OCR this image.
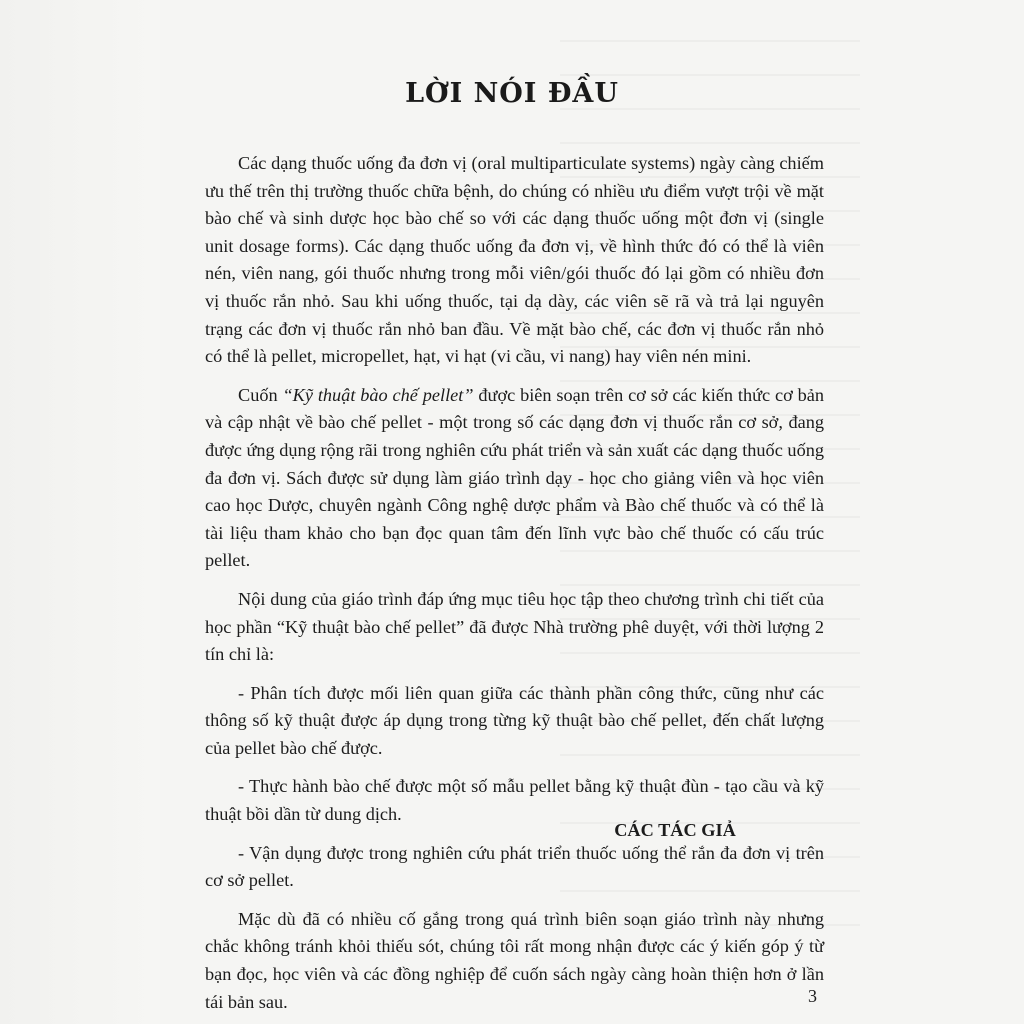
LỜI NÓI ĐẦU

Các dạng thuốc uống đa đơn vị (oral multiparticulate systems) ngày càng chiếm ưu thế trên thị trường thuốc chữa bệnh, do chúng có nhiều ưu điểm vượt trội về mặt bào chế và sinh dược học bào chế so với các dạng thuốc uống một đơn vị (single unit dosage forms). Các dạng thuốc uống đa đơn vị, về hình thức đó có thể là viên nén, viên nang, gói thuốc nhưng trong mỗi viên/gói thuốc đó lại gồm có nhiều đơn vị thuốc rắn nhỏ. Sau khi uống thuốc, tại dạ dày, các viên sẽ rã và trả lại nguyên trạng các đơn vị thuốc rắn nhỏ ban đầu. Về mặt bào chế, các đơn vị thuốc rắn nhỏ có thể là pellet, micropellet, hạt, vi hạt (vi cầu, vi nang) hay viên nén mini.

Cuốn “Kỹ thuật bào chế pellet” được biên soạn trên cơ sở các kiến thức cơ bản và cập nhật về bào chế pellet - một trong số các dạng đơn vị thuốc rắn cơ sở, đang được ứng dụng rộng rãi trong nghiên cứu phát triển và sản xuất các dạng thuốc uống đa đơn vị. Sách được sử dụng làm giáo trình dạy - học cho giảng viên và học viên cao học Dược, chuyên ngành Công nghệ dược phẩm và Bào chế thuốc và có thể là tài liệu tham khảo cho bạn đọc quan tâm đến lĩnh vực bào chế thuốc có cấu trúc pellet.

Nội dung của giáo trình đáp ứng mục tiêu học tập theo chương trình chi tiết của học phần “Kỹ thuật bào chế pellet” đã được Nhà trường phê duyệt, với thời lượng 2 tín chỉ là:

- Phân tích được mối liên quan giữa các thành phần công thức, cũng như các thông số kỹ thuật được áp dụng trong từng kỹ thuật bào chế pellet, đến chất lượng của pellet bào chế được.

- Thực hành bào chế được một số mẫu pellet bằng kỹ thuật đùn - tạo cầu và kỹ thuật bồi dần từ dung dịch.

- Vận dụng được trong nghiên cứu phát triển thuốc uống thể rắn đa đơn vị trên cơ sở pellet.

Mặc dù đã có nhiều cố gắng trong quá trình biên soạn giáo trình này nhưng chắc không tránh khỏi thiếu sót, chúng tôi rất mong nhận được các ý kiến góp ý từ bạn đọc, học viên và các đồng nghiệp để cuốn sách ngày càng hoàn thiện hơn ở lần tái bản sau.

CÁC TÁC GIẢ
3
